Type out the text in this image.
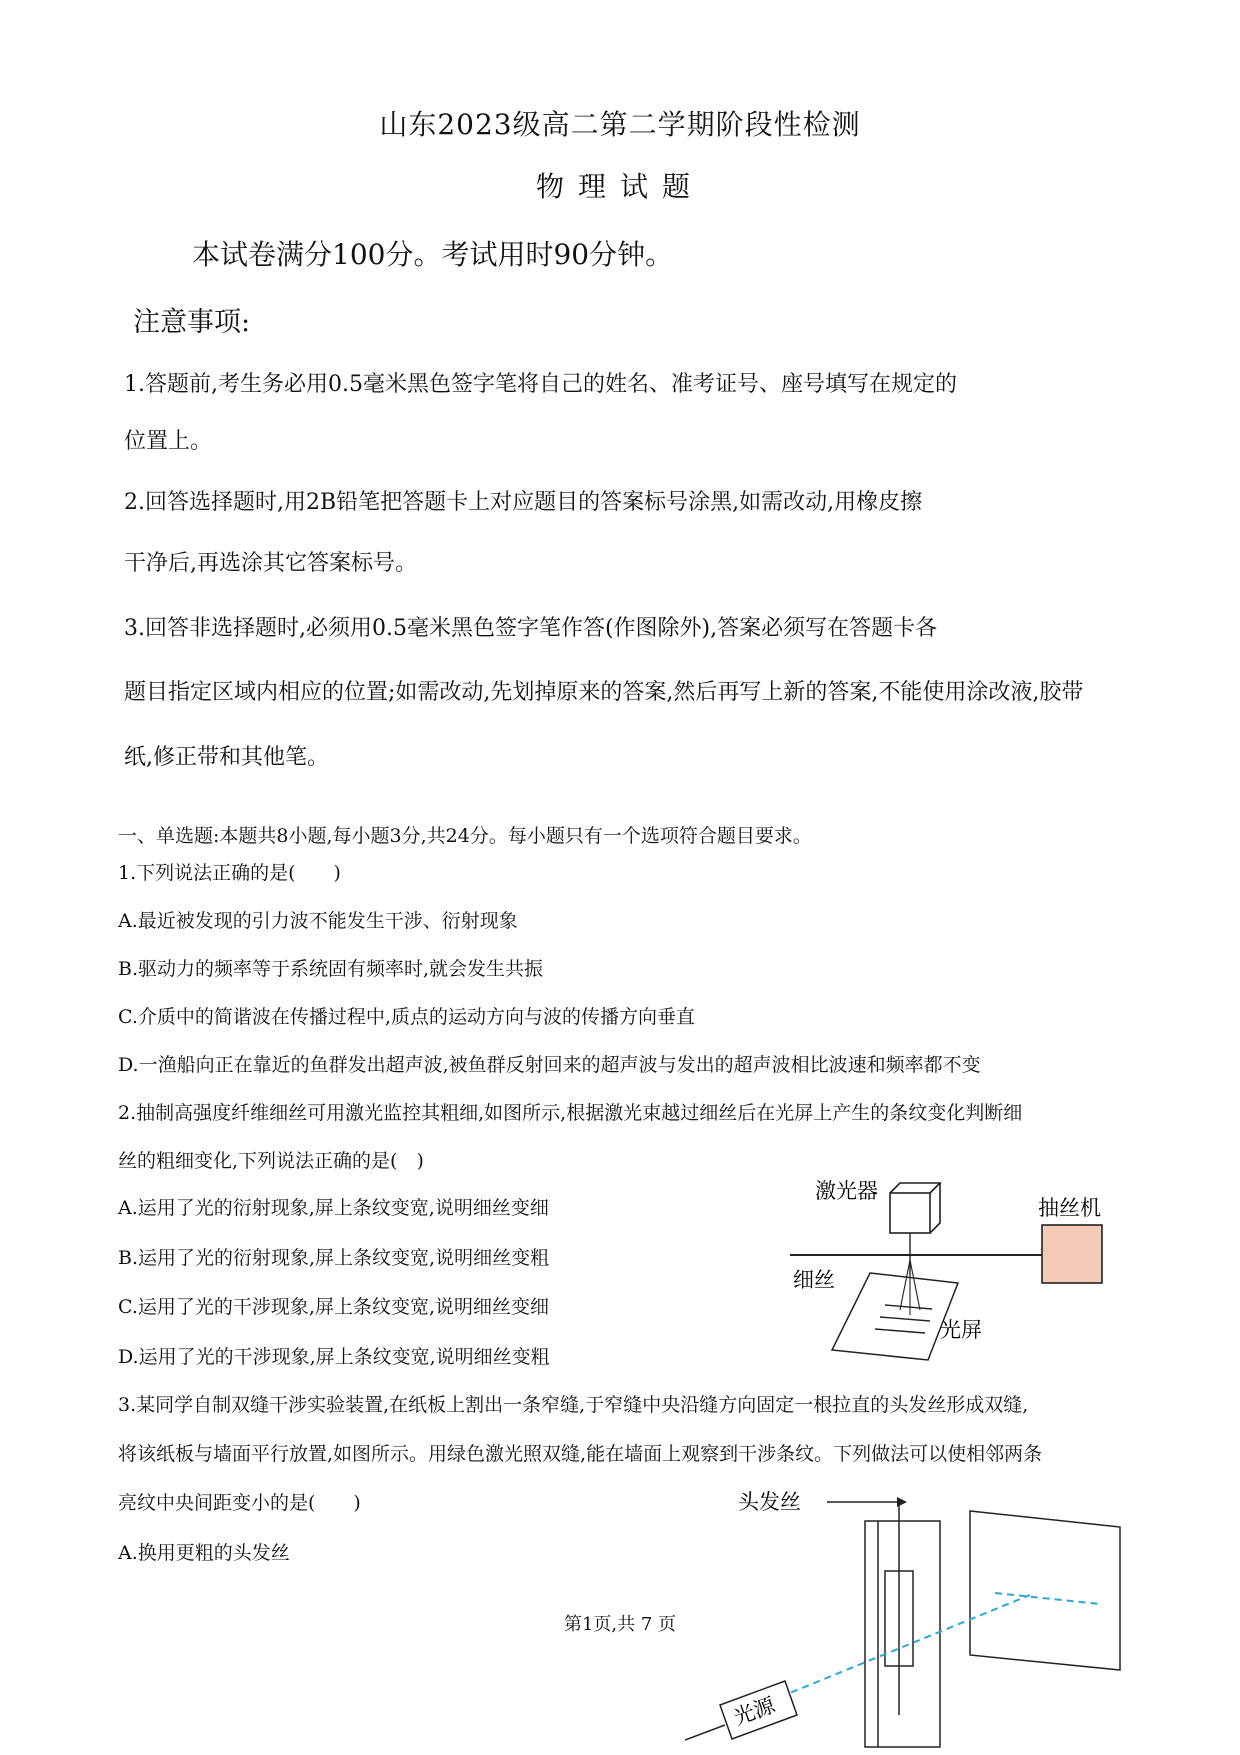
山东2023级高二第二学期阶段性检测
物理试题
本试卷满分100分。考试用时90分钟。
注意事项:
1.答题前,考生务必用0.5毫米黑色签字笔将自己的姓名、准考证号、座号填写在规定的
位置上。
2.回答选择题时,用2B铅笔把答题卡上对应题目的答案标号涂黑,如需改动,用橡皮擦
干净后,再选涂其它答案标号。
3.回答非选择题时,必须用0.5毫米黑色签字笔作答(作图除外),答案必须写在答题卡各
题目指定区域内相应的位置;如需改动,先划掉原来的答案,然后再写上新的答案,不能使用涂改液,胶带
纸,修正带和其他笔。
一、单选题:本题共8小题,每小题3分,共24分。每小题只有一个选项符合题目要求。
1.下列说法正确的是(　　)
A.最近被发现的引力波不能发生干涉、衍射现象
B.驱动力的频率等于系统固有频率时,就会发生共振
C.介质中的简谐波在传播过程中,质点的运动方向与波的传播方向垂直
D.一渔船向正在靠近的鱼群发出超声波,被鱼群反射回来的超声波与发出的超声波相比波速和频率都不变
2.抽制高强度纤维细丝可用激光监控其粗细,如图所示,根据激光束越过细丝后在光屏上产生的条纹变化判断细
丝的粗细变化,下列说法正确的是(　)
A.运用了光的衍射现象,屏上条纹变宽,说明细丝变细
B.运用了光的衍射现象,屏上条纹变宽,说明细丝变粗
C.运用了光的干涉现象,屏上条纹变宽,说明细丝变细
D.运用了光的干涉现象,屏上条纹变宽,说明细丝变粗
激光器
细丝
抽丝机
光屏
3.某同学自制双缝干涉实验装置,在纸板上割出一条窄缝,于窄缝中央沿缝方向固定一根拉直的头发丝形成双缝,
将该纸板与墙面平行放置,如图所示。用绿色激光照双缝,能在墙面上观察到干涉条纹。下列做法可以使相邻两条
亮纹中央间距变小的是(　　)
A.换用更粗的头发丝
头发丝
光源
第1页,共 7 页
